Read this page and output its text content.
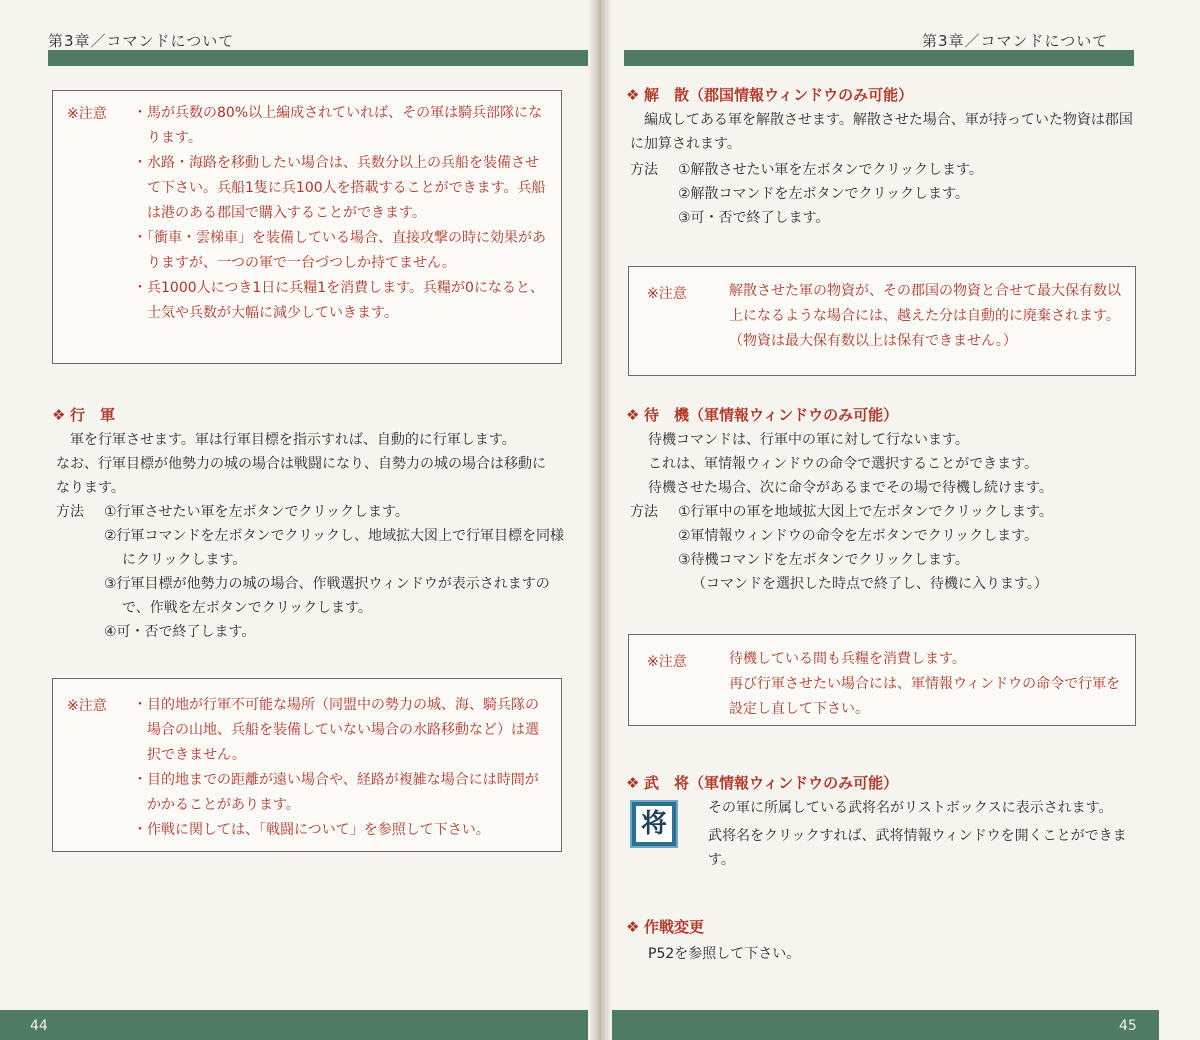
第3章／コマンドについて
※注意 ・馬が兵数の80%以上編成されていれば、その軍は騎兵部隊になります。
・水路・海路を移動したい場合は、兵数分以上の兵船を装備させて下さい。兵船1隻に兵100人を搭載することができます。兵船は港のある郡国で購入することができます。
・「衝車・雲梯車」を装備している場合、直接攻撃の時に効果がありますが、一つの軍で一台づつしか持てません。
・兵1000人につき1日に兵糧1を消費します。兵糧が0になると、士気や兵数が大幅に減少していきます。
❖ 行　軍
軍を行軍させます。軍は行軍目標を指示すれば、自動的に行軍します。
なお、行軍目標が他勢力の城の場合は戦闘になり、自勢力の城の場合は移動になります。
方法 ①行軍させたい軍を左ボタンでクリックします。
②行軍コマンドを左ボタンでクリックし、地域拡大図上で行軍目標を同様にクリックします。
③行軍目標が他勢力の城の場合、作戦選択ウィンドウが表示されますので、作戦を左ボタンでクリックします。
④可・否で終了します。
※注意 ・目的地が行軍不可能な場所（同盟中の勢力の城、海、騎兵隊の場合の山地、兵船を装備していない場合の水路移動など）は選択できません。
・目的地までの距離が遠い場合や、経路が複雑な場合には時間がかかることがあります。
・作戦に関しては、「戦闘について」を参照して下さい。
44
第3章／コマンドについて
❖ 解　散（郡国情報ウィンドウのみ可能）
編成してある軍を解散させます。解散させた場合、軍が持っていた物資は郡国に加算されます。
方法 ①解散させたい軍を左ボタンでクリックします。
②解散コマンドを左ボタンでクリックします。
③可・否で終了します。
※注意	解散させた軍の物資が、その郡国の物資と合せて最大保有数以上になるような場合には、越えた分は自動的に廃棄されます。（物資は最大保有数以上は保有できません。）
❖ 待　機（軍情報ウィンドウのみ可能）
待機コマンドは、行軍中の軍に対して行ないます。
これは、軍情報ウィンドウの命令で選択することができます。
待機させた場合、次に命令があるまでその場で待機し続けます。
方法 ①行軍中の軍を地域拡大図上で左ボタンでクリックします。
②軍情報ウィンドウの命令を左ボタンでクリックします。
③待機コマンドを左ボタンでクリックします。
（コマンドを選択した時点で終了し、待機に入ります。）
※注意	待機している間も兵糧を消費します。
再び行軍させたい場合には、軍情報ウィンドウの命令で行軍を設定し直して下さい。
❖ 武　将（軍情報ウィンドウのみ可能）
将
その軍に所属している武将名がリストボックスに表示されます。
武将名をクリックすれば、武将情報ウィンドウを開くことができます。
❖ 作戦変更
P52を参照して下さい。
45
